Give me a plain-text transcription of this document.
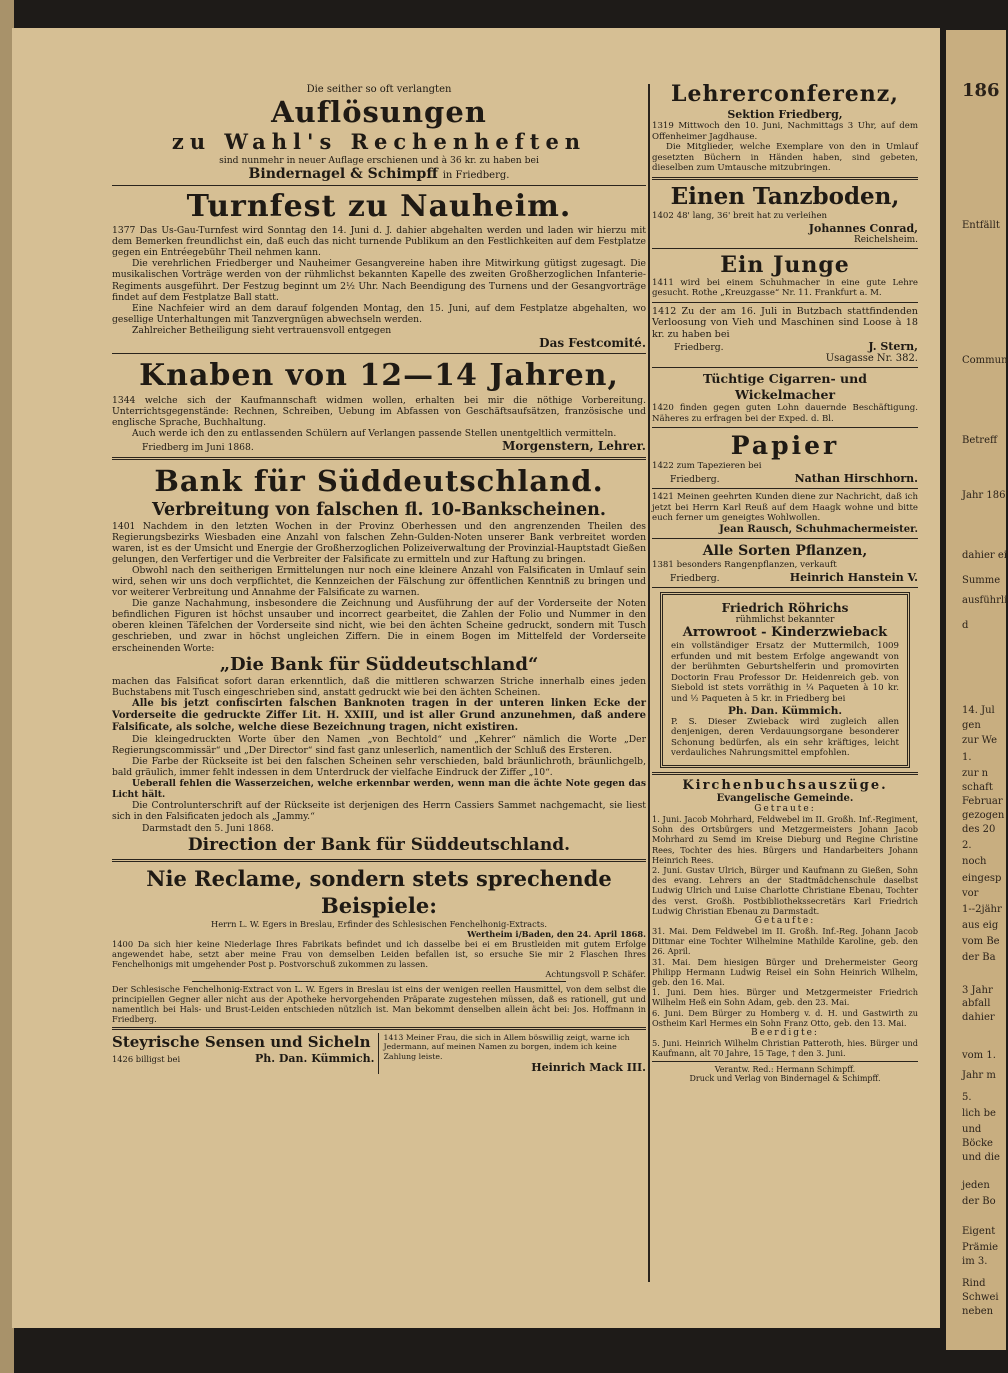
186
Entfällt
Commun
Betreff
Jahr 186
dahier ei
Summe
ausführli
d
14. Jul
gen
zur We
1.
zur n
schaft
Februar
gezogen
des 20
2.
noch
eingesp
vor
1--2jähr
aus eig
vom Be
der Ba
3 Jahr
abfall
dahier
vom 1.
Jahr m
5.
lich be
und
Böcke
und die
jeden
der Bo
Eigent
Prämie
im 3.
Rind
Schwei
neben

Die seither so oft verlangten

Auflösungen

zu Wahl's Rechenheften

sind nunmehr in neuer Auflage erschienen und à 36 kr. zu haben bei

Bindernagel & Schimpff in Friedberg.

Turnfest zu Nauheim.

1377 Das Us-Gau-Turnfest wird Sonntag den 14. Juni d. J. dahier abgehalten werden und laden wir hierzu mit dem Bemerken freundlichst ein, daß euch das nicht turnende Publikum an den Festlichkeiten auf dem Festplatze gegen ein Entréegebühr Theil nehmen kann.

Die verehrlichen Friedberger und Nauheimer Gesangvereine haben ihre Mitwirkung gütigst zugesagt. Die musikalischen Vorträge werden von der rühmlichst bekannten Kapelle des zweiten Großherzoglichen Infanterie-Regiments ausgeführt. Der Festzug beginnt um 2½ Uhr. Nach Beendigung des Turnens und der Gesangvorträge findet auf dem Festplatze Ball statt.

Eine Nachfeier wird an dem darauf folgenden Montag, den 15. Juni, auf dem Festplatze abgehalten, wo gesellige Unterhaltungen mit Tanzvergnügen abwechseln werden.

Zahlreicher Betheiligung sieht vertrauensvoll entgegen

Das Festcomité.

Knaben von 12—14 Jahren,

1344 welche sich der Kaufmannschaft widmen wollen, erhalten bei mir die nöthige Vorbereitung. Unterrichtsgegenstände: Rechnen, Schreiben, Uebung im Abfassen von Geschäftsaufsätzen, französische und englische Sprache, Buchhaltung.

Auch werde ich den zu entlassenden Schülern auf Verlangen passende Stellen unentgeltlich vermitteln.

Friedberg im Juni 1868.	Morgenstern, Lehrer.

Bank für Süddeutschland.

Verbreitung von falschen fl. 10-Bankscheinen.

1401 Nachdem in den letzten Wochen in der Provinz Oberhessen und den angrenzenden Theilen des Regierungsbezirks Wiesbaden eine Anzahl von falschen Zehn-Gulden-Noten unserer Bank verbreitet worden waren, ist es der Umsicht und Energie der Großherzoglichen Polizeiverwaltung der Provinzial-Hauptstadt Gießen gelungen, den Verfertiger und die Verbreiter der Falsificate zu ermitteln und zur Haftung zu bringen.

Obwohl nach den seitherigen Ermittelungen nur noch eine kleinere Anzahl von Falsificaten in Umlauf sein wird, sehen wir uns doch verpflichtet, die Kennzeichen der Fälschung zur öffentlichen Kenntniß zu bringen und vor weiterer Verbreitung und Annahme der Falsificate zu warnen.

Die ganze Nachahmung, insbesondere die Zeichnung und Ausführung der auf der Vorderseite der Noten befindlichen Figuren ist höchst unsauber und incorrect gearbeitet, die Zahlen der Folio und Nummer in den oberen kleinen Täfelchen der Vorderseite sind nicht, wie bei den ächten Scheine gedruckt, sondern mit Tusch geschrieben, und zwar in höchst ungleichen Ziffern. Die in einem Bogen im Mittelfeld der Vorderseite erscheinenden Worte:

„Die Bank für Süddeutschland“

machen das Falsificat sofort daran erkenntlich, daß die mittleren schwarzen Striche innerhalb eines jeden Buchstabens mit Tusch eingeschrieben sind, anstatt gedruckt wie bei den ächten Scheinen.

Alle bis jetzt confiscirten falschen Banknoten tragen in der unteren linken Ecke der Vorderseite die gedruckte Ziffer Lit. H. XXIII, und ist aller Grund anzunehmen, daß andere Falsificate, als solche, welche diese Bezeichnung tragen, nicht existiren.

Die kleingedruckten Worte über den Namen „von Bechtold“ und „Kehrer“ nämlich die Worte „Der Regierungscommissär“ und „Der Director“ sind fast ganz unleserlich, namentlich der Schluß des Ersteren.

Die Farbe der Rückseite ist bei den falschen Scheinen sehr verschieden, bald bräunlichroth, bräunlichgelb, bald gräulich, immer fehlt indessen in dem Unterdruck der vielfache Eindruck der Ziffer „10“.

Ueberall fehlen die Wasserzeichen, welche erkennbar werden, wenn man die ächte Note gegen das Licht hält.

Die Controlunterschrift auf der Rückseite ist derjenigen des Herrn Cassiers Sammet nachgemacht, sie liest sich in den Falsificaten jedoch als „Jammy.“

Darmstadt den 5. Juni 1868.

Direction der Bank für Süddeutschland.

Nie Reclame, sondern stets sprechende Beispiele:

Herrn L. W. Egers in Breslau, Erfinder des Schlesischen Fenchelhonig-Extracts.

Wertheim i/Baden, den 24. April 1868.

1400 Da sich hier keine Niederlage Ihres Fabrikats befindet und ich dasselbe bei ei em Brustleiden mit gutem Erfolge angewendet habe, setzt aber meine Frau von demselben Leiden befallen ist, so ersuche Sie mir 2 Flaschen Ihres Fenchelhonigs mit umgehender Post p. Postvorschuß zukommen zu lassen.

Achtungsvoll P. Schäfer.

Der Schlesische Fenchelhonig-Extract von L. W. Egers in Breslau ist eins der wenigen reellen Hausmittel, von dem selbst die principiellen Gegner aller nicht aus der Apotheke hervorgehenden Präparate zugestehen müssen, daß es rationell, gut und namentlich bei Hals- und Brust-Leiden entschieden nützlich ist. Man bekommt denselben allein ächt bei: Jos. Hoffmann in Friedberg.

Steyrische Sensen und Sicheln

1426 billigst bei	Ph. Dan. Kümmich.

1413 Meiner Frau, die sich in Allem böswillig zeigt, warne ich Jedermann, auf meinen Namen zu borgen, indem ich keine Zahlung leiste.

Heinrich Mack III.

Lehrerconferenz,

Sektion Friedberg,

1319 Mittwoch den 10. Juni, Nachmittags 3 Uhr, auf dem Offenheimer Jagdhause.

Die Mitglieder, welche Exemplare von den in Umlauf gesetzten Büchern in Händen haben, sind gebeten, dieselben zum Umtausche mitzubringen.

Einen Tanzboden,

1402 48' lang, 36' breit hat zu verleihen

Johannes Conrad,

Reichelsheim.

Ein Junge

1411 wird bei einem Schuhmacher in eine gute Lehre gesucht. Rothe „Kreuzgasse“ Nr. 11. Frankfurt a. M.

1412 Zu der am 16. Juli in Butzbach stattfindenden Verloosung von Vieh und Maschinen sind Loose à 18 kr. zu haben bei

Friedberg.	J. Stern,

Usagasse Nr. 382.

Tüchtige Cigarren- und Wickelmacher

1420 finden gegen guten Lohn dauernde Beschäftigung. Näheres zu erfragen bei der Exped. d. Bl.

Papier

1422 zum Tapezieren bei

Friedberg.	Nathan Hirschhorn.

1421 Meinen geehrten Kunden diene zur Nachricht, daß ich jetzt bei Herrn Karl Reuß auf dem Haagk wohne und bitte euch ferner um geneigtes Wohlwollen.

Jean Rausch, Schuhmachermeister.

Alle Sorten Pflanzen,

1381 besonders Rangenpflanzen, verkauft

Friedberg.	Heinrich Hanstein V.

Friedrich Röhrichs

rühmlichst bekannter

Arrowroot - Kinderzwieback

ein vollständiger Ersatz der Muttermilch, 1009 erfunden und mit bestem Erfolge angewandt von der berühmten Geburtshelferin und promovirten Doctorin Frau Professor Dr. Heidenreich geb. von Siebold ist stets vorräthig in ¼ Paqueten à 10 kr. und ½ Paqueten à 5 kr. in Friedberg bei

Ph. Dan. Kümmich.

P. S. Dieser Zwieback wird zugleich allen denjenigen, deren Verdauungsorgane besonderer Schonung bedürfen, als ein sehr kräftiges, leicht verdauliches Nahrungsmittel empfohlen.

Kirchenbuchsauszüge.

Evangelische Gemeinde.

Getraute:

1. Juni. Jacob Mohrhard, Feldwebel im II. Großh. Inf.-Regiment, Sohn des Ortsbürgers und Metzgermeisters Johann Jacob Mohrhard zu Semd im Kreise Dieburg und Regine Christine Rees, Tochter des hies. Bürgers und Handarbeiters Johann Heinrich Rees.

2. Juni. Gustav Ulrich, Bürger und Kaufmann zu Gießen, Sohn des evang. Lehrers an der Stadtmädchenschule daselbst Ludwig Ulrich und Luise Charlotte Christiane Ebenau, Tochter des verst. Großh. Postbibliothekssecretärs Karl Friedrich Ludwig Christian Ebenau zu Darmstadt.

Getaufte:

31. Mai. Dem Feldwebel im II. Großh. Inf.-Reg. Johann Jacob Dittmar eine Tochter Wilhelmine Mathilde Karoline, geb. den 26. April.

31. Mai. Dem hiesigen Bürger und Drehermeister Georg Philipp Hermann Ludwig Reisel ein Sohn Heinrich Wilhelm, geb. den 16. Mai.

1. Juni. Dem hies. Bürger und Metzgermeister Friedrich Wilhelm Heß ein Sohn Adam, geb. den 23. Mai.

6. Juni. Dem Bürger zu Homberg v. d. H. und Gastwirth zu Ostheim Karl Hermes ein Sohn Franz Otto, geb. den 13. Mai.

Beerdigte:

5. Juni. Heinrich Wilhelm Christian Patteroth, hies. Bürger und Kaufmann, alt 70 Jahre, 15 Tage, † den 3. Juni.

Verantw. Red.: Hermann Schimpff.

Druck und Verlag von Bindernagel & Schimpff.
